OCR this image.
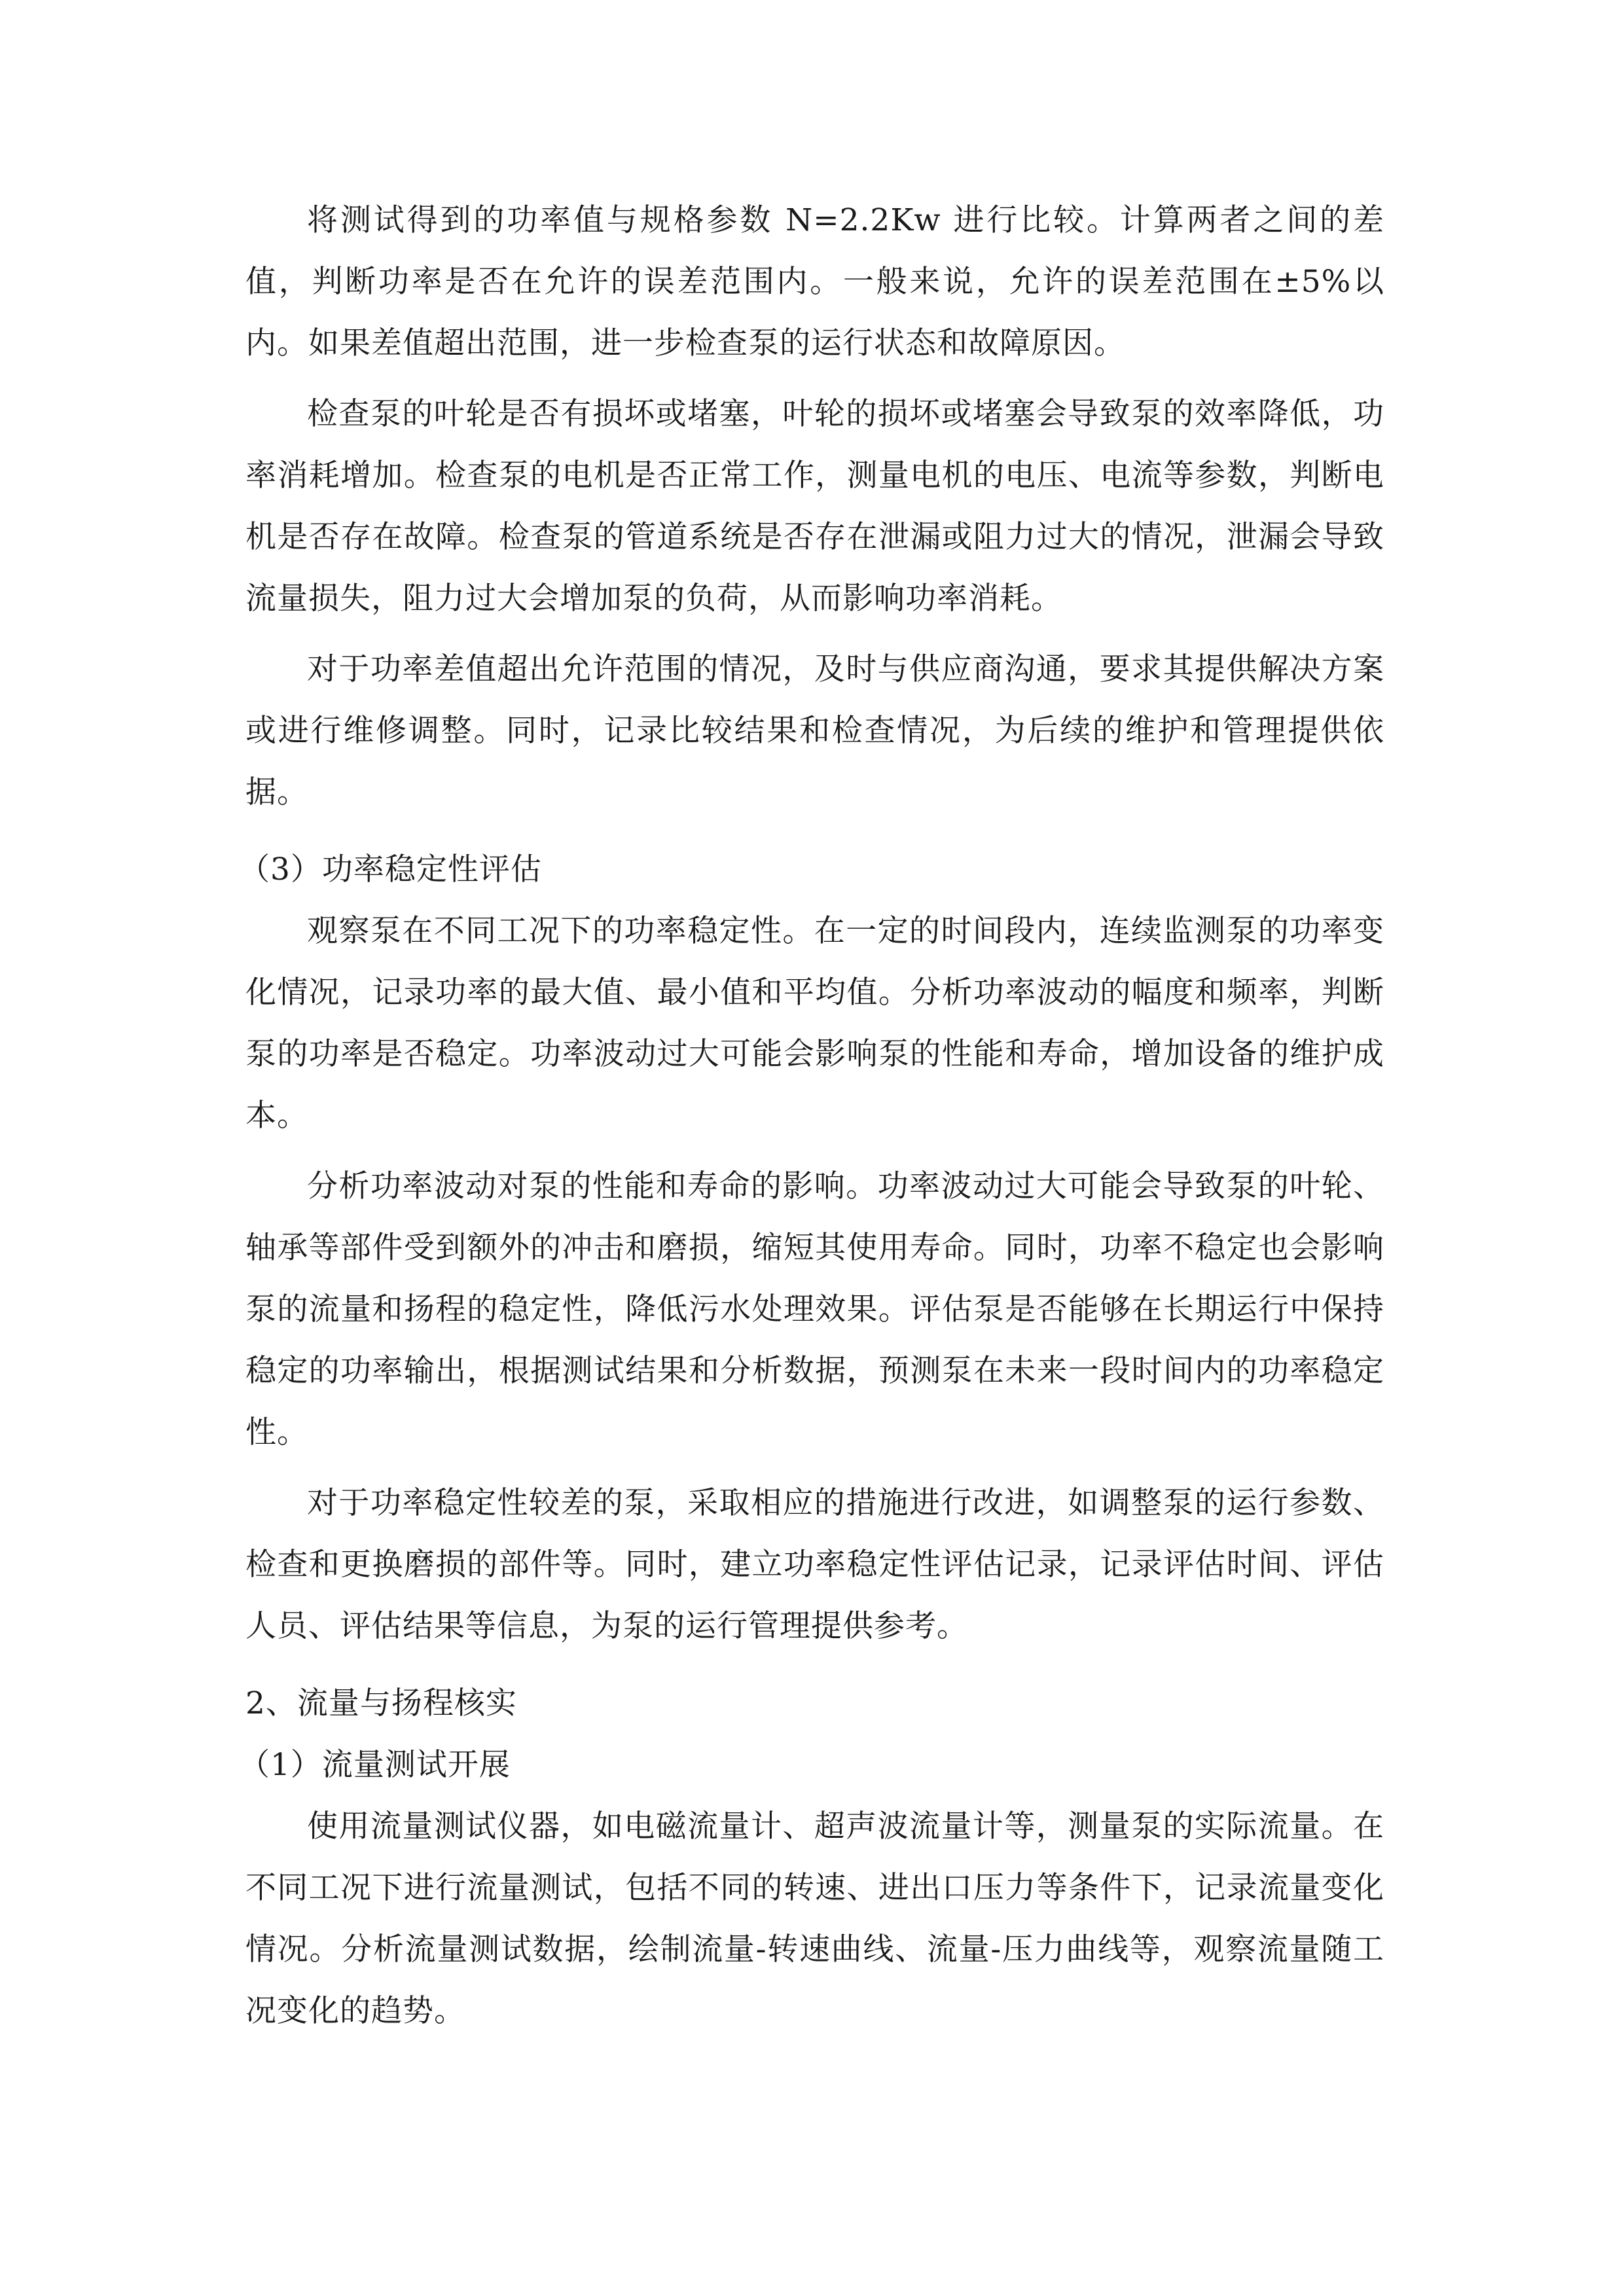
将测试得到的功率值与规格参数 N=2.2Kw 进行比较。计算两者之间的差值，判断功率是否在允许的误差范围内。一般来说，允许的误差范围在±5%以内。如果差值超出范围，进一步检查泵的运行状态和故障原因。

检查泵的叶轮是否有损坏或堵塞，叶轮的损坏或堵塞会导致泵的效率降低，功率消耗增加。检查泵的电机是否正常工作，测量电机的电压、电流等参数，判断电机是否存在故障。检查泵的管道系统是否存在泄漏或阻力过大的情况，泄漏会导致流量损失，阻力过大会增加泵的负荷，从而影响功率消耗。

对于功率差值超出允许范围的情况，及时与供应商沟通，要求其提供解决方案或进行维修调整。同时，记录比较结果和检查情况，为后续的维护和管理提供依据。

（3）功率稳定性评估

观察泵在不同工况下的功率稳定性。在一定的时间段内，连续监测泵的功率变化情况，记录功率的最大值、最小值和平均值。分析功率波动的幅度和频率，判断泵的功率是否稳定。功率波动过大可能会影响泵的性能和寿命，增加设备的维护成本。

分析功率波动对泵的性能和寿命的影响。功率波动过大可能会导致泵的叶轮、轴承等部件受到额外的冲击和磨损，缩短其使用寿命。同时，功率不稳定也会影响泵的流量和扬程的稳定性，降低污水处理效果。评估泵是否能够在长期运行中保持稳定的功率输出，根据测试结果和分析数据，预测泵在未来一段时间内的功率稳定性。

对于功率稳定性较差的泵，采取相应的措施进行改进，如调整泵的运行参数、检查和更换磨损的部件等。同时，建立功率稳定性评估记录，记录评估时间、评估人员、评估结果等信息，为泵的运行管理提供参考。

2、流量与扬程核实

（1）流量测试开展

使用流量测试仪器，如电磁流量计、超声波流量计等，测量泵的实际流量。在不同工况下进行流量测试，包括不同的转速、进出口压力等条件下，记录流量变化情况。分析流量测试数据，绘制流量-转速曲线、流量-压力曲线等，观察流量随工况变化的趋势。
